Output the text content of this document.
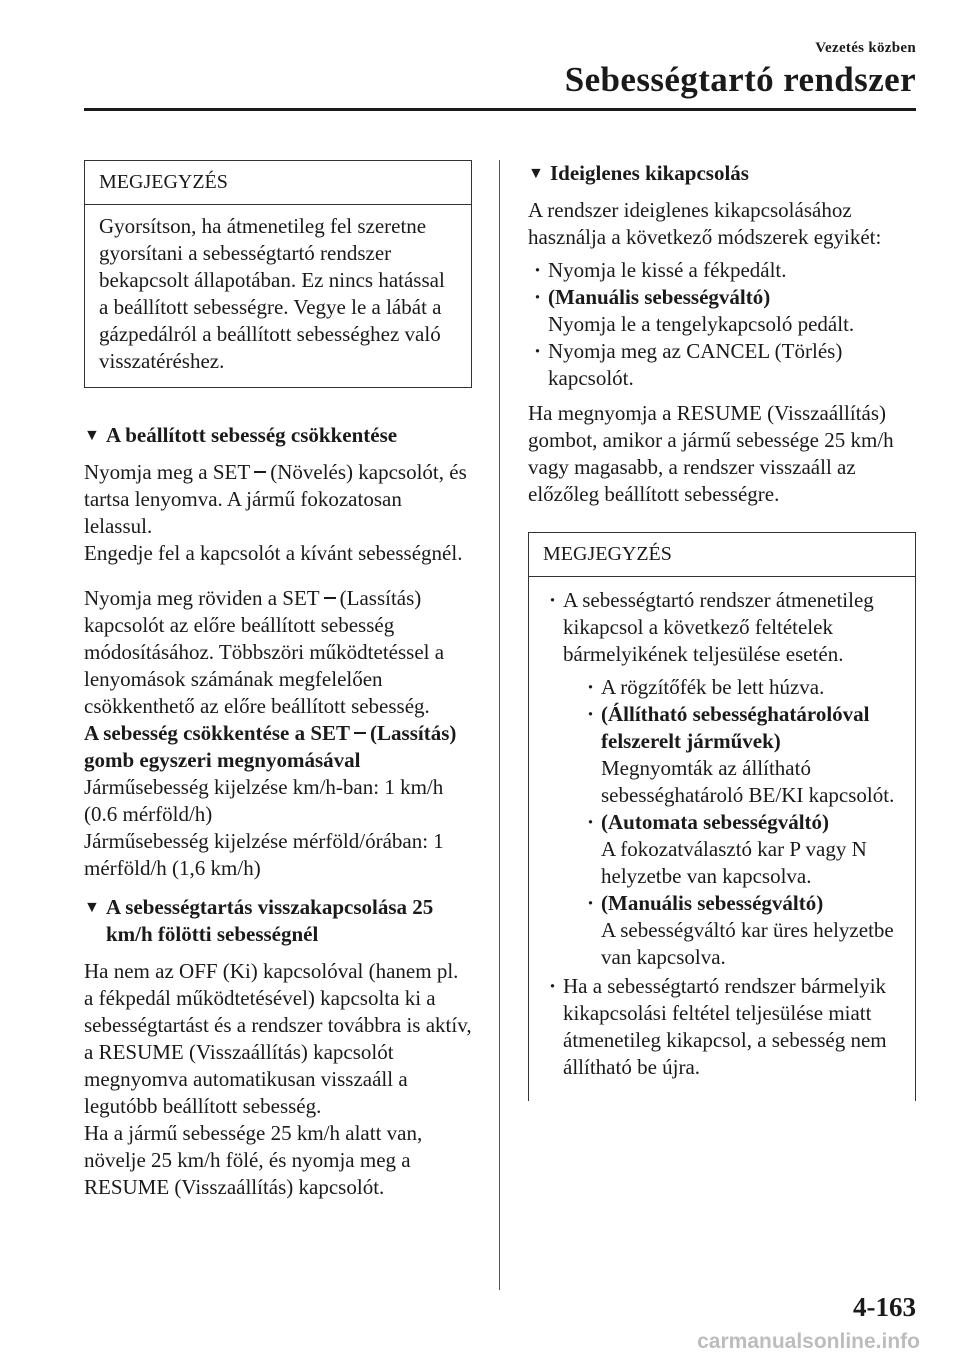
Vezetés közben
Sebességtartó rendszer
MEGJEGYZÉS
Gyorsítson, ha átmenetileg fel szeretne gyorsítani a sebességtartó rendszer bekapcsolt állapotában. Ez nincs hatással a beállított sebességre. Vegye le a lábát a gázpedálról a beállított sebességhez való visszatéréshez.
▼ A beállított sebesség csökkentése

Nyomja meg a SET (Növelés) kapcsolót, és tartsa lenyomva. A jármű fokozatosan lelassul.

Engedje fel a kapcsolót a kívánt sebességnél.

Nyomja meg röviden a SET (Lassítás) kapcsolót az előre beállított sebesség módosításához. Többszöri működtetéssel a lenyomások számának megfelelően csökkenthető az előre beállított sebesség.

A sebesség csökkentése a SET (Lassítás) gomb egyszeri megnyomásával

Járműsebesség kijelzése km/h-ban: 1 km/h (0.6 mérföld/h)

Járműsebesség kijelzése mérföld/órában: 1 mérföld/h (1,6 km/h)

▼ A sebességtartás visszakapcsolása 25 km/h fölötti sebességnél

Ha nem az OFF (Ki) kapcsolóval (hanem pl. a fékpedál működtetésével) kapcsolta ki a sebességtartást és a rendszer továbbra is aktív, a RESUME (Visszaállítás) kapcsolót megnyomva automatikusan visszaáll a legutóbb beállított sebesség.

Ha a jármű sebessége 25 km/h alatt van, növelje 25 km/h fölé, és nyomja meg a RESUME (Visszaállítás) kapcsolót.

▼ Ideiglenes kikapcsolás

A rendszer ideiglenes kikapcsolásához használja a következő módszerek egyikét:

· Nyomja le kissé a fékpedált.
· (Manuális sebességváltó)
Nyomja le a tengelykapcsoló pedált.
· Nyomja meg az CANCEL (Törlés) kapcsolót.

Ha megnyomja a RESUME (Visszaállítás) gombot, amikor a jármű sebessége 25 km/h vagy magasabb, a rendszer visszaáll az előzőleg beállított sebességre.

MEGJEGYZÉS
· A sebességtartó rendszer átmenetileg kikapcsol a következő feltételek bármelyikének teljesülése esetén.
· A rögzítőfék be lett húzva.
· (Állítható sebességhatárolóval felszerelt járművek)
Megnyomták az állítható sebességhatároló BE/KI kapcsolót.
· (Automata sebességváltó)
A fokozatválasztó kar P vagy N helyzetbe van kapcsolva.
· (Manuális sebességváltó)
A sebességváltó kar üres helyzetbe van kapcsolva.
· Ha a sebességtartó rendszer bármelyik kikapcsolási feltétel teljesülése miatt átmenetileg kikapcsol, a sebesség nem állítható be újra.
4-163
carmanualsonline.info
